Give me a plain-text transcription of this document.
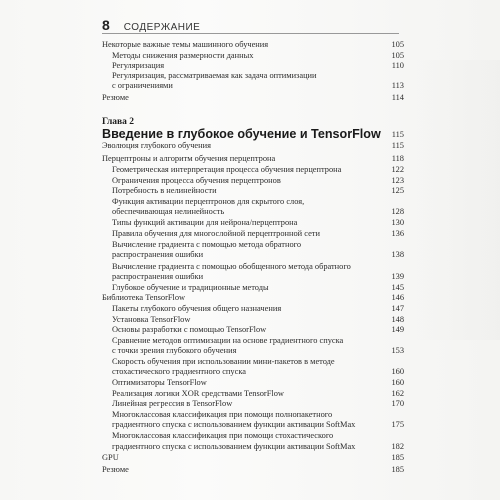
8 СОДЕРЖАНИЕ
Некоторые важные темы машинного обучения	105
Методы снижения размерности данных	105
Регуляризация	110
Регуляризация, рассматриваемая как задача оптимизации
с ограничениями	113
Резюме	114
Глава 2
Введение в глубокое обучение и TensorFlow 115
Эволюция глубокого обучения	115
Перцептроны и алгоритм обучения перцептрона	118
Геометрическая интерпретация процесса обучения перцептрона	122
Ограничения процесса обучения перцептронов	123
Потребность в нелинейности	125
Функция активации перцептронов для скрытого слоя,
обеспечивающая нелинейность	128
Типы функций активации для нейрона/перцептрона	130
Правила обучения для многослойной перцептронной сети	136
Вычисление градиента с помощью метода обратного
распространения ошибки	138
Вычисление градиента с помощью обобщенного метода обратного
распространения ошибки	139
Глубокое обучение и традиционные методы	145
Библиотека TensorFlow	146
Пакеты глубокого обучения общего назначения	147
Установка TensorFlow	148
Основы разработки с помощью TensorFlow	149
Сравнение методов оптимизации на основе градиентного спуска
с точки зрения глубокого обучения	153
Скорость обучения при использовании мини-пакетов в методе
стохастического градиентного спуска	160
Оптимизаторы TensorFlow	160
Реализация логики XOR средствами TensorFlow	162
Линейная регрессия в TensorFlow	170
Многоклассовая классификация при помощи полнопакетного
градиентного спуска с использованием функции активации SoftMax	175
Многоклассовая классификация при помощи стохастического
градиентного спуска с использованием функции активации SoftMax	182
GPU	185
Резюме	185
